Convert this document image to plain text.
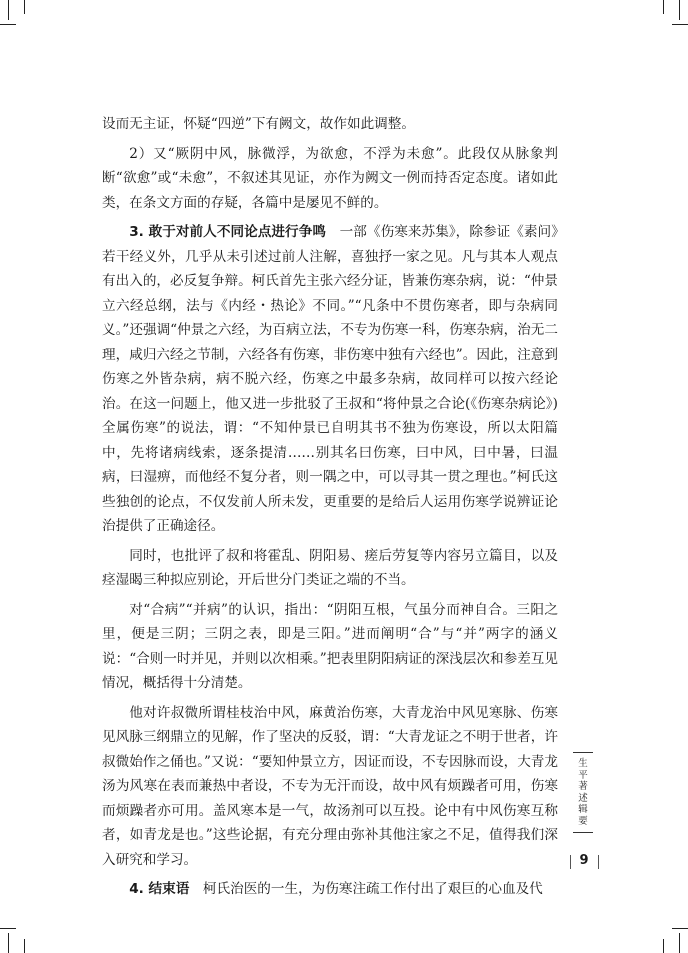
设而无主证，怀疑“四逆”下有阙文，故作如此调整。

2）又“厥阴中风，脉微浮，为欲愈，不浮为未愈”。此段仅从脉象判断“欲愈”或“未愈”，不叙述其见证，亦作为阙文一例而持否定态度。诸如此类，在条文方面的存疑，各篇中是屡见不鲜的。

3. 敢于对前人不同论点进行争鸣　一部《伤寒来苏集》，除参证《素问》若干经义外，几乎从未引述过前人注解，喜独抒一家之见。凡与其本人观点有出入的，必反复争辩。柯氏首先主张六经分证，皆兼伤寒杂病，说：“仲景立六经总纲，法与《内经・热论》不同。”“凡条中不贯伤寒者，即与杂病同义。”还强调“仲景之六经，为百病立法，不专为伤寒一科，伤寒杂病，治无二理，咸归六经之节制，六经各有伤寒，非伤寒中独有六经也”。因此，注意到伤寒之外皆杂病，病不脱六经，伤寒之中最多杂病，故同样可以按六经论治。在这一问题上，他又进一步批驳了王叔和“将仲景之合论(《伤寒杂病论》)全属伤寒”的说法，谓：“不知仲景已自明其书不独为伤寒设，所以太阳篇中，先将诸病线索，逐条提清……别其名曰伤寒，曰中风，曰中暑，曰温病，曰湿痹，而他经不复分者，则一隅之中，可以寻其一贯之理也。”柯氏这些独创的论点，不仅发前人所未发，更重要的是给后人运用伤寒学说辨证论治提供了正确途径。

同时，也批评了叔和将霍乱、阴阳易、瘥后劳复等内容另立篇目，以及痉湿暍三种拟应别论，开后世分门类证之端的不当。

对“合病”“并病”的认识，指出：“阴阳互根，气虽分而神自合。三阳之里，便是三阴；三阴之表，即是三阳。”进而阐明“合”与“并”两字的涵义说：“合则一时并见，并则以次相乘。”把表里阴阳病证的深浅层次和参差互见情况，概括得十分清楚。

他对许叔微所谓桂枝治中风，麻黄治伤寒，大青龙治中风见寒脉、伤寒见风脉三纲鼎立的见解，作了坚决的反驳，谓：“大青龙证之不明于世者，许叔微始作之俑也。”又说：“要知仲景立方，因证而设，不专因脉而设，大青龙汤为风寒在表而兼热中者设，不专为无汗而设，故中风有烦躁者可用，伤寒而烦躁者亦可用。盖风寒本是一气，故汤剂可以互投。论中有中风伤寒互称者，如青龙是也。”这些论据，有充分理由弥补其他注家之不足，值得我们深入研究和学习。

4. 结束语　柯氏治医的一生，为伤寒注疏工作付出了艰巨的心血及代

生平著述辑要
9
